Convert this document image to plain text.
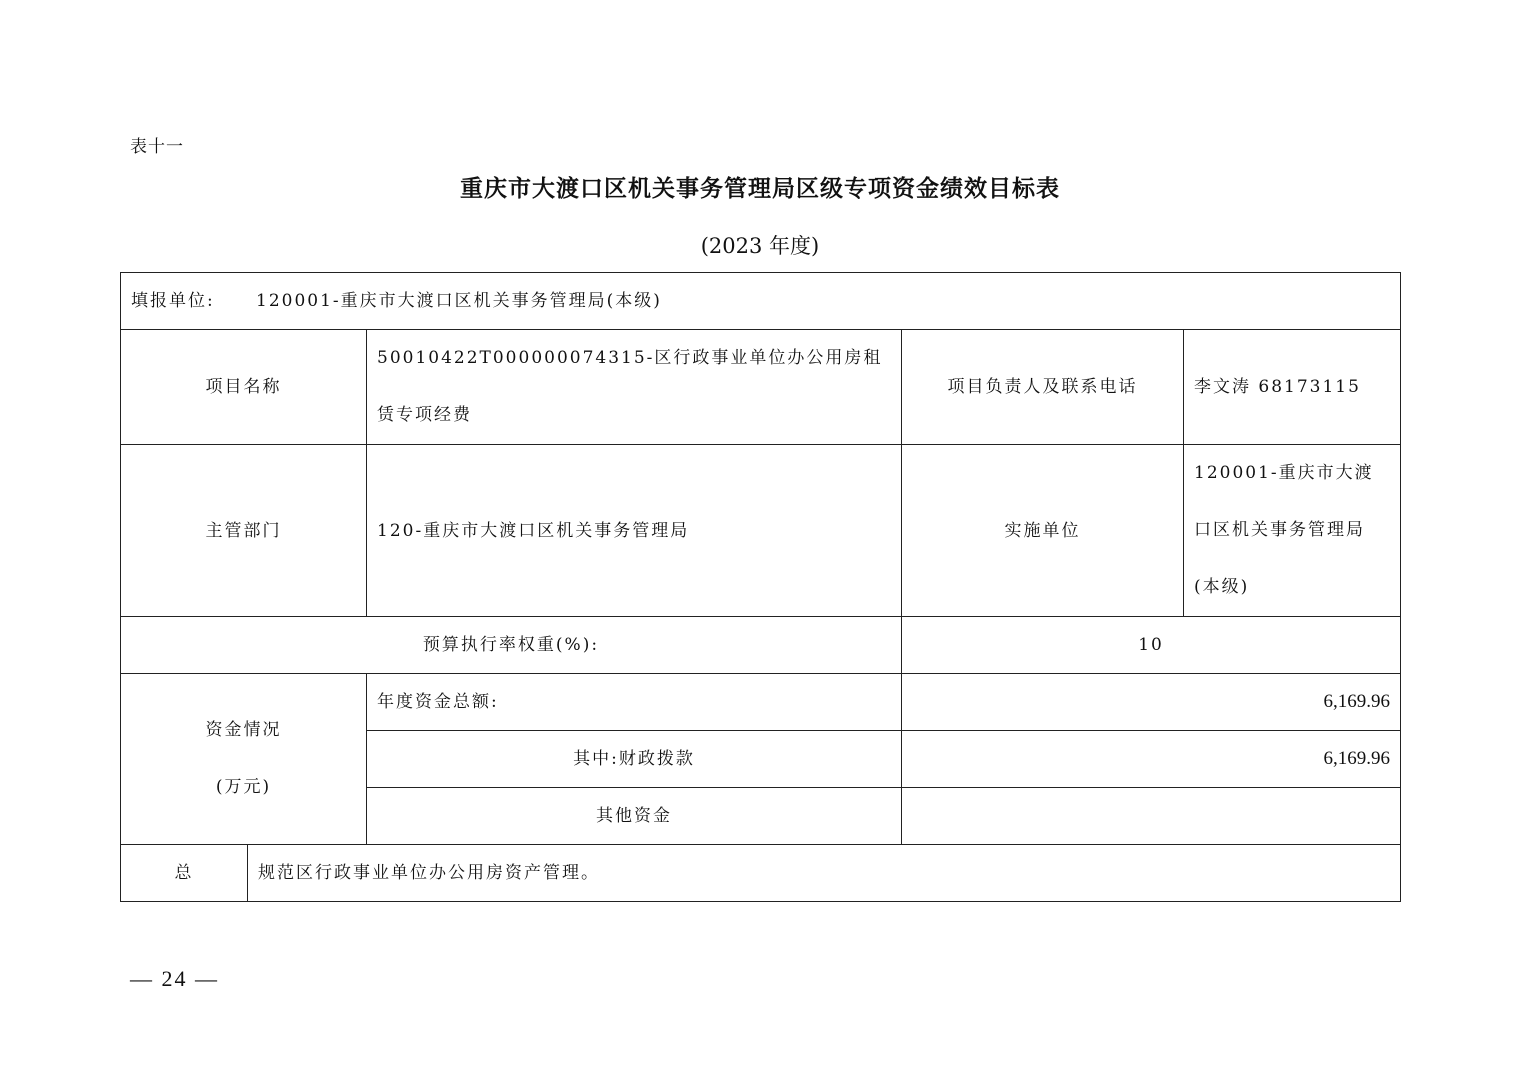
表十一
重庆市大渡口区机关事务管理局区级专项资金绩效目标表
(2023 年度)
填报单位: 120001-重庆市大渡口区机关事务管理局(本级)				
项目名称		50010422T000000074315-区行政事业单位办公用房租赁专项经费	项目负责人及联系电话	李文涛 68173115
主管部门		120-重庆市大渡口区机关事务管理局	实施单位	120001-重庆市大渡口区机关事务管理局(本级)
预算执行率权重(%):			10	

资金情况
(万元)		年度资金总额:	6,169.96	
		其中:财政拨款	6,169.96	
		其他资金		
总	规范区行政事业单位办公用房资产管理。			
— 24 —
